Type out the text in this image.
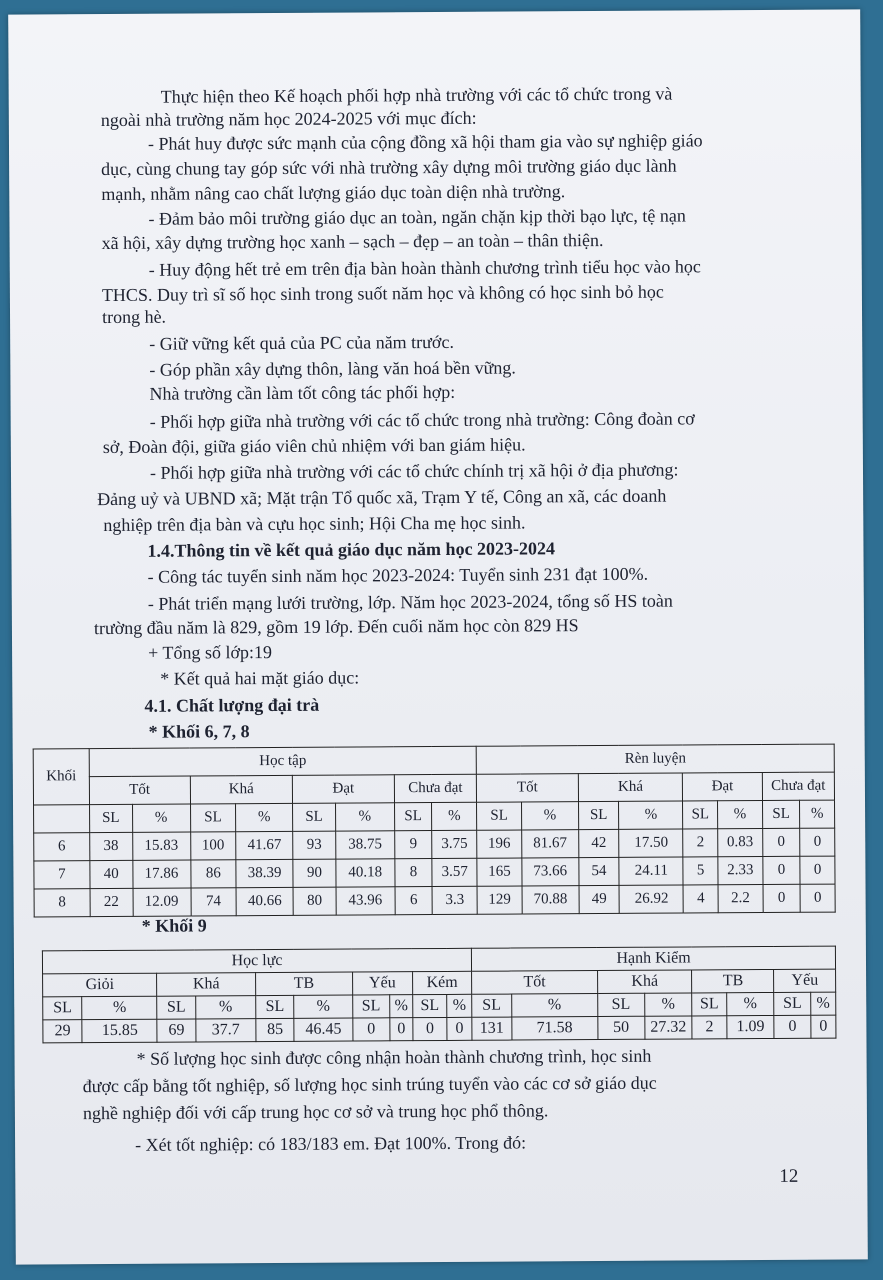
Thực hiện theo Kế hoạch phối hợp nhà trường với các tổ chức trong và
ngoài nhà trường năm học 2024-2025 với mục đích:
- Phát huy được sức mạnh của cộng đồng xã hội tham gia vào sự nghiệp giáo
dục, cùng chung tay góp sức với nhà trường xây dựng môi trường giáo dục lành
mạnh, nhằm nâng cao chất lượng giáo dục toàn diện nhà trường.
- Đảm bảo môi trường giáo dục an toàn, ngăn chặn kịp thời bạo lực, tệ nạn
xã hội, xây dựng trường học xanh – sạch – đẹp – an toàn – thân thiện.
- Huy động hết trẻ em trên địa bàn hoàn thành chương trình tiểu học vào học
THCS. Duy trì sĩ số học sinh trong suốt năm học và không có học sinh bỏ học
trong hè.
- Giữ vững kết quả của PC của năm trước.
- Góp phần xây dựng thôn, làng văn hoá bền vững.
Nhà trường cần làm tốt công tác phối hợp:
- Phối hợp giữa nhà trường với các tổ chức trong nhà trường: Công đoàn cơ
sở, Đoàn đội, giữa giáo viên chủ nhiệm với ban giám hiệu.
- Phối hợp giữa nhà trường với các tổ chức chính trị xã hội ở địa phương:
Đảng uỷ và UBND xã; Mặt trận Tổ quốc xã, Trạm Y tế, Công an xã, các doanh
nghiệp trên địa bàn và cựu học sinh; Hội Cha mẹ học sinh.
1.4.Thông tin về kết quả giáo dục năm học 2023-2024
- Công tác tuyển sinh năm học 2023-2024: Tuyển sinh 231 đạt 100%.
- Phát triển mạng lưới trường, lớp. Năm học 2023-2024, tổng số HS toàn
trường đầu năm là 829, gồm 19 lớp. Đến cuối năm học còn 829 HS
+ Tổng số lớp:19
* Kết quả hai mặt giáo dục:
4.1. Chất lượng đại trà
* Khối 6, 7, 8
* Khối 9
* Số lượng học sinh được công nhận hoàn thành chương trình, học sinh
được cấp bằng tốt nghiệp, số lượng học sinh trúng tuyển vào các cơ sở giáo dục
nghề nghiệp đối với cấp trung học cơ sở và trung học phổ thông.
- Xét tốt nghiệp: có 183/183 em. Đạt 100%. Trong đó:
Khối	Học tập								Rèn luyện							
	Tốt		Khá		Đạt		Chưa đạt		Tốt		Khá		Đạt		Chưa đạt	
	SL	%	SL	%	SL	%	SL	%	SL	%	SL	%	SL	%	SL	%
6	38	15.83	100	41.67	93	38.75	9	3.75	196	81.67	42	17.50	2	0.83	0	0
7	40	17.86	86	38.39	90	40.18	8	3.57	165	73.66	54	24.11	5	2.33	0	0
8	22	12.09	74	40.66	80	43.96	6	3.3	129	70.88	49	26.92	4	2.2	0	0
Học lực										Hạnh Kiểm							
Giỏi		Khá		TB		Yếu		Kém		Tốt		Khá		TB		Yếu	
SL	%	SL	%	SL	%	SL	%	SL	%	SL	%	SL	%	SL	%	SL	%
29	15.85	69	37.7	85	46.45	0	0	0	0	131	71.58	50	27.32	2	1.09	0	0
12
